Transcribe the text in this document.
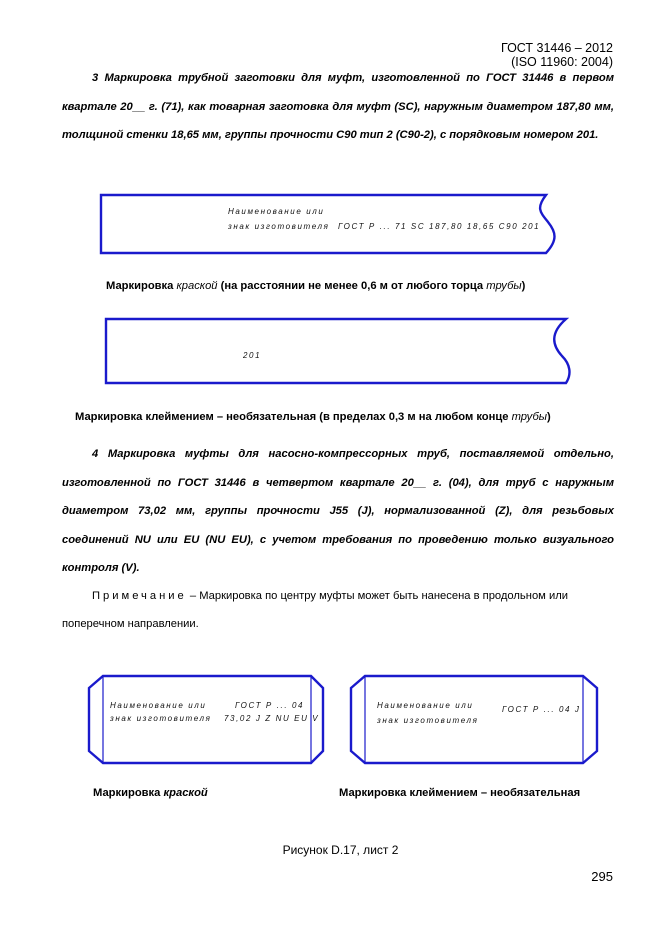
ГОСТ 31446 – 2012
(ISO 11960: 2004)
3 Маркировка трубной заготовки для муфт, изготовленной по ГОСТ 31446 в первом квартале 20__ г. (71), как товарная заготовка для муфт (SC), наружным диаметром 187,80 мм, толщиной стенки 18,65 мм, группы прочности С90 тип 2 (С90-2), с порядковым номером 201.
Наименование или
знак изготовителя ГОСТ Р ... 71 SC 187,80 18,65 С90 201
Маркировка краской (на расстоянии не менее 0,6 м от любого торца трубы)
201
Маркировка клеймением – необязательная (в пределах 0,3 м на любом конце трубы)
4 Маркировка муфты для насосно-компрессорных труб, поставляемой отдельно, изготовленной по ГОСТ 31446 в четвертом квартале 20__ г. (04), для труб с наружным диаметром 73,02 мм, группы прочности J55 (J), нормализованной (Z), для резьбовых соединений NU или EU (NU EU), с учетом требования по проведению только визуального контроля (V).
Примечание – Маркировка по центру муфты может быть нанесена в продольном или поперечном направлении.
Наименование или
знак изготовителя
ГОСТ Р ... 04
73,02 J Z NU EU V
Наименование или
знак изготовителя
ГОСТ Р ... 04 J
Маркировка краской	Маркировка клеймением – необязательная
Рисунок D.17, лист 2
295
